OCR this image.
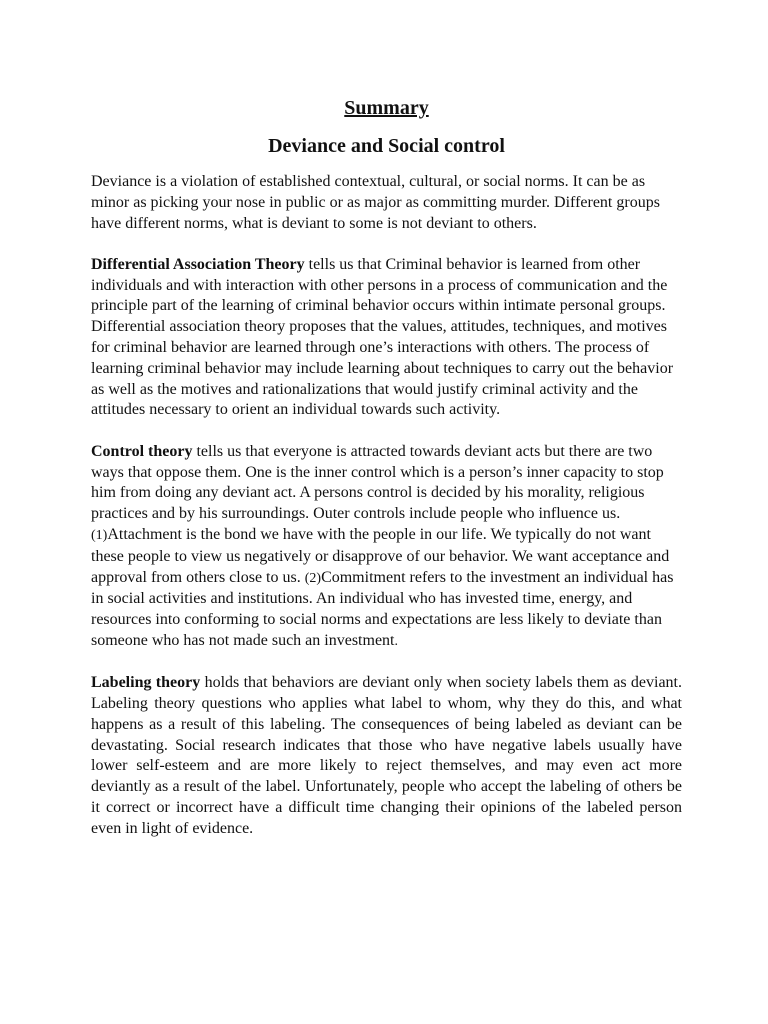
Summary
Deviance and Social control

Deviance is a violation of established contextual, cultural, or social norms. It can be as minor as picking your nose in public or as major as committing murder. Different groups have different norms, what is deviant to some is not deviant to others.

Differential Association Theory tells us that Criminal behavior is learned from other individuals and with interaction with other persons in a process of communication and the principle part of the learning of criminal behavior occurs within intimate personal groups. Differential association theory proposes that the values, attitudes, techniques, and motives for criminal behavior are learned through one’s interactions with others. The process of learning criminal behavior may include learning about techniques to carry out the behavior as well as the motives and rationalizations that would justify criminal activity and the attitudes necessary to orient an individual towards such activity.

Control theory tells us that everyone is attracted towards deviant acts but there are two ways that oppose them. One is the inner control which is a person’s inner capacity to stop him from doing any deviant act. A persons control is decided by his morality, religious practices and by his surroundings. Outer controls include people who influence us. (1)Attachment is the bond we have with the people in our life. We typically do not want these people to view us negatively or disapprove of our behavior. We want acceptance and approval from others close to us. (2)Commitment refers to the investment an individual has in social activities and institutions. An individual who has invested time, energy, and resources into conforming to social norms and expectations are less likely to deviate than someone who has not made such an investment.

Labeling theory holds that behaviors are deviant only when society labels them as deviant. Labeling theory questions who applies what label to whom, why they do this, and what happens as a result of this labeling. The consequences of being labeled as deviant can be devastating. Social research indicates that those who have negative labels usually have lower self-esteem and are more likely to reject themselves, and may even act more deviantly as a result of the label. Unfortunately, people who accept the labeling of others be it correct or incorrect have a difficult time changing their opinions of the labeled person even in light of evidence.
